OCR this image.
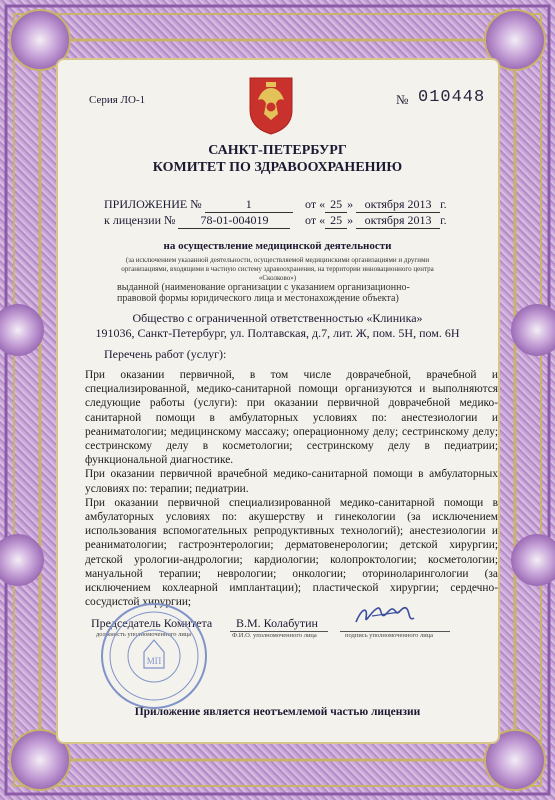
Серия ЛО-1	№ 010448
САНКТ-ПЕТЕРБУРГ
КОМИТЕТ ПО ЗДРАВООХРАНЕНИЮ
ПРИЛОЖЕНИЕ №	1	от « 25 » октября 2013 г.
к лицензии № 78-01-004019	от « 25 » октября 2013 г.
на осуществление медицинской деятельности
(за исключением указанной деятельности, осуществляемой медицинскими организациями и другими
организациями, входящими в частную систему здравоохранения, на территории инновационного центра
«Сколково»)
выданной (наименование организации с указанием организационно-
правовой формы юридического лица и местонахождение объекта)
Общество с ограниченной ответственностью «Клиника»
191036, Санкт-Петербург, ул. Полтавская, д.7, лит. Ж, пом. 5Н, пом. 6Н
Перечень работ (услуг):

При оказании первичной, в том числе доврачебной, врачебной и специализированной, медико-санитарной помощи организуются и выполняются следующие работы (услуги): при оказании первичной доврачебной медико-санитарной помощи в амбулаторных условиях по: анестезиологии и реаниматологии; медицинскому массажу; операционному делу; сестринскому делу; сестринскому делу в косметологии; сестринскому делу в педиатрии; функциональной диагностике.

При оказании первичной врачебной медико-санитарной помощи в амбулаторных условиях по: терапии; педиатрии.

При оказании первичной специализированной медико-санитарной помощи в амбулаторных условиях по: акушерству и гинекологии (за исключением использования вспомогательных репродуктивных технологий); анестезиологии и реаниматологии; гастроэнтерологии; дерматовенерологии; детской хирургии; детской урологии-андрологии; кардиологии; колопроктологии; косметологии; мануальной терапии; неврологии; онкологии; оториноларингологии (за исключением кохлеарной имплантации); пластической хирургии; сердечно-сосудистой хирургии;

Председатель Комитета
должность уполномоченного лица
В.М. Колабутин
Ф.И.О. уполномоченного лица	подпись уполномоченного лица
МП
Приложение является неотъемлемой частью лицензии
